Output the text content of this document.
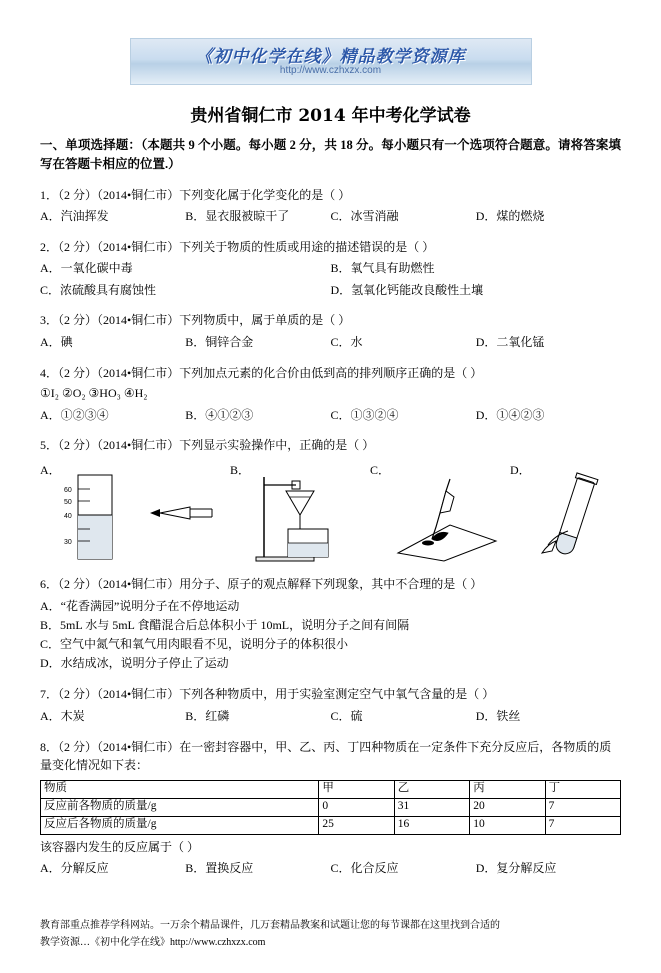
《初中化学在线》精品教学资源库
http://www.czhxzx.com
贵州省铜仁市 2014 年中考化学试卷
一、单项选择题：（本题共 9 个小题。每小题 2 分，共 18 分。每小题只有一个选项符合题意。请将答案填写在答题卡相应的位置.）
1．（2 分）（2014•铜仁市）下列变化属于化学变化的是（ ）
A．汽油挥发	B．显衣服被晾干了	C．冰雪消融	D．煤的燃烧
2．（2 分）（2014•铜仁市）下列关于物质的性质或用途的描述错误的是（ ）
A．一氧化碳中毒	B．氧气具有助燃性
C．浓硫酸具有腐蚀性	D．氢氧化钙能改良酸性土壤
3．（2 分）（2014•铜仁市）下列物质中，属于单质的是（ ）
A．碘	B．铜锌合金	C．水	D．二氧化锰
4．（2 分）（2014•铜仁市）下列加点元素的化合价由低到高的排列顺序正确的是（ ）
①I₂ ②O₂ ③HO₃ ④H₂
A．①②③④	B．④①②③	C．①③②④	D．①④②③
5．（2 分）（2014•铜仁市）下列显示实验操作中，正确的是（ ）
A．
60
50
40
30
B．	C．	D．
6．（2 分）（2014•铜仁市）用分子、原子的观点解释下列现象，其中不合理的是（ ）
A．“花香满园”说明分子在不停地运动
B．5mL 水与 5mL 食醋混合后总体积小于 10mL，说明分子之间有间隔
C．空气中氮气和氧气用肉眼看不见，说明分子的体积很小
D．水结成冰，说明分子停止了运动
7．（2 分）（2014•铜仁市）下列各种物质中，用于实验室测定空气中氧气含量的是（ ）
A．木炭	B．红磷	C．硫	D．铁丝
8．（2 分）（2014•铜仁市）在一密封容器中，甲、乙、丙、丁四种物质在一定条件下充分反应后，各物质的质量变化情况如下表：
物质	甲	乙	丙	丁
反应前各物质的质量/g	0	31	20	7
反应后各物质的质量/g	25	16	10	7
该容器内发生的反应属于（ ）
A．分解反应	B．置换反应	C．化合反应	D．复分解反应
教育部重点推荐学科网站。一万余个精品课件，几万套精品教案和试题让您的每节课都在这里找到合适的
教学资源…《初中化学在线》http://www.czhxzx.com
